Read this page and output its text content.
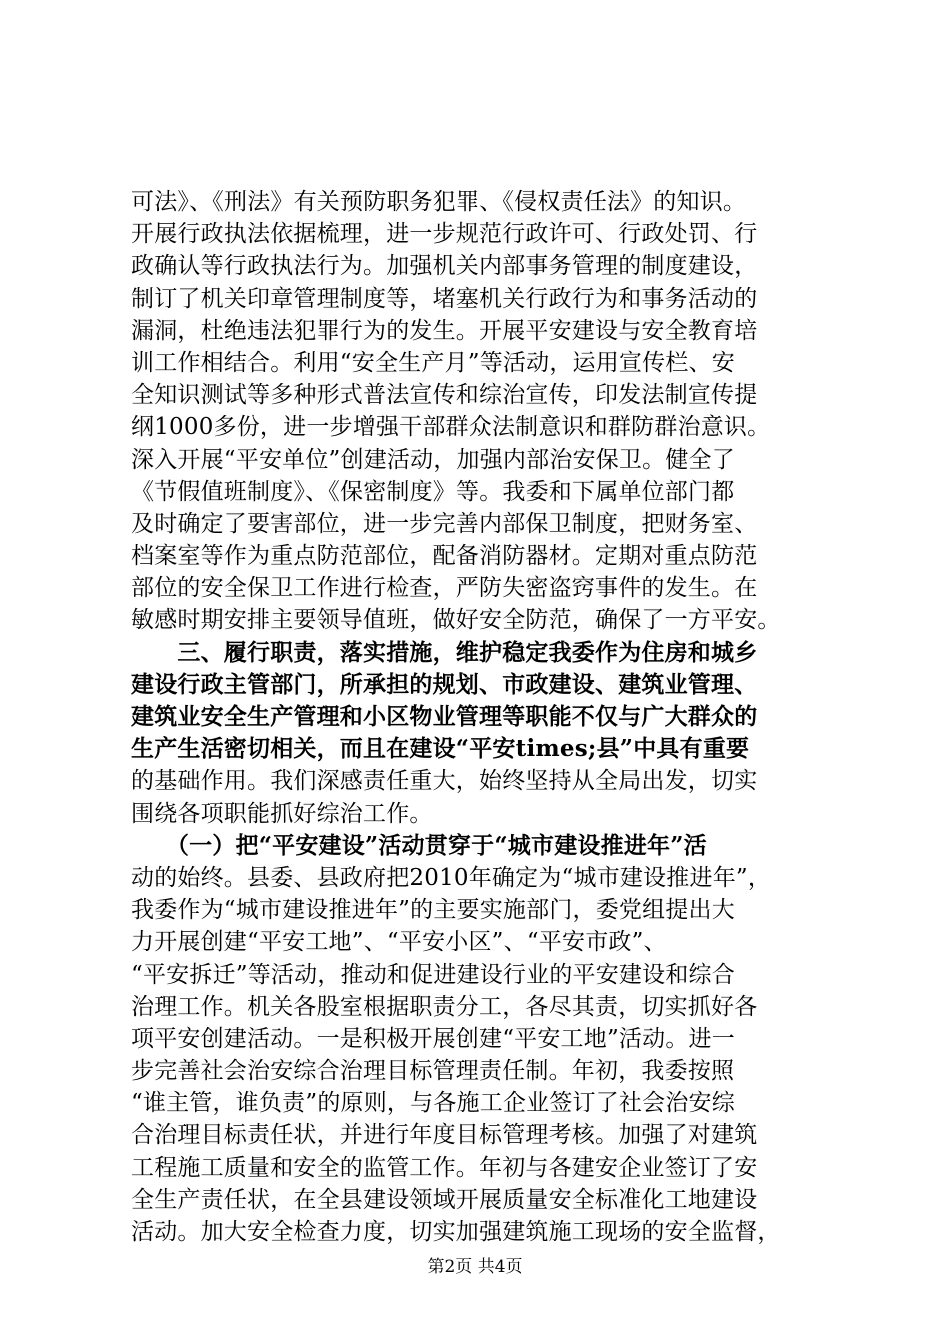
可法》、《刑法》有关预防职务犯罪、《侵权责任法》的知识。
开展行政执法依据梳理，进一步规范行政许可、行政处罚、行
政确认等行政执法行为。加强机关内部事务管理的制度建设，
制订了机关印章管理制度等，堵塞机关行政行为和事务活动的
漏洞，杜绝违法犯罪行为的发生。开展平安建设与安全教育培
训工作相结合。利用“安全生产月”等活动，运用宣传栏、安
全知识测试等多种形式普法宣传和综治宣传，印发法制宣传提
纲1000多份，进一步增强干部群众法制意识和群防群治意识。
深入开展“平安单位”创建活动，加强内部治安保卫。健全了
《节假值班制度》、《保密制度》等。我委和下属单位部门都
及时确定了要害部位，进一步完善内部保卫制度，把财务室、
档案室等作为重点防范部位，配备消防器材。定期对重点防范
部位的安全保卫工作进行检查，严防失密盗窍事件的发生。在
敏感时期安排主要领导值班，做好安全防范，确保了一方平安。
　　三、履行职责，落实措施，维护稳定我委作为住房和城乡
建设行政主管部门，所承担的规划、市政建设、建筑业管理、
建筑业安全生产管理和小区物业管理等职能不仅与广大群众的
生产生活密切相关，而且在建设“平安times;县”中具有重要
的基础作用。我们深感责任重大，始终坚持从全局出发，切实
围绕各项职能抓好综治工作。
　　（一）把“平安建设”活动贯穿于“城市建设推进年”活
动的始终。县委、县政府把2010年确定为“城市建设推进年”，
我委作为“城市建设推进年”的主要实施部门，委党组提出大
力开展创建“平安工地”、“平安小区”、“平安市政”、
“平安拆迁”等活动，推动和促进建设行业的平安建设和综合
治理工作。机关各股室根据职责分工，各尽其责，切实抓好各
项平安创建活动。一是积极开展创建“平安工地”活动。进一
步完善社会治安综合治理目标管理责任制。年初，我委按照
“谁主管，谁负责”的原则，与各施工企业签订了社会治安综
合治理目标责任状，并进行年度目标管理考核。加强了对建筑
工程施工质量和安全的监管工作。年初与各建安企业签订了安
全生产责任状，在全县建设领域开展质量安全标准化工地建设
活动。加大安全检查力度，切实加强建筑施工现场的安全监督，
第2页 共4页
